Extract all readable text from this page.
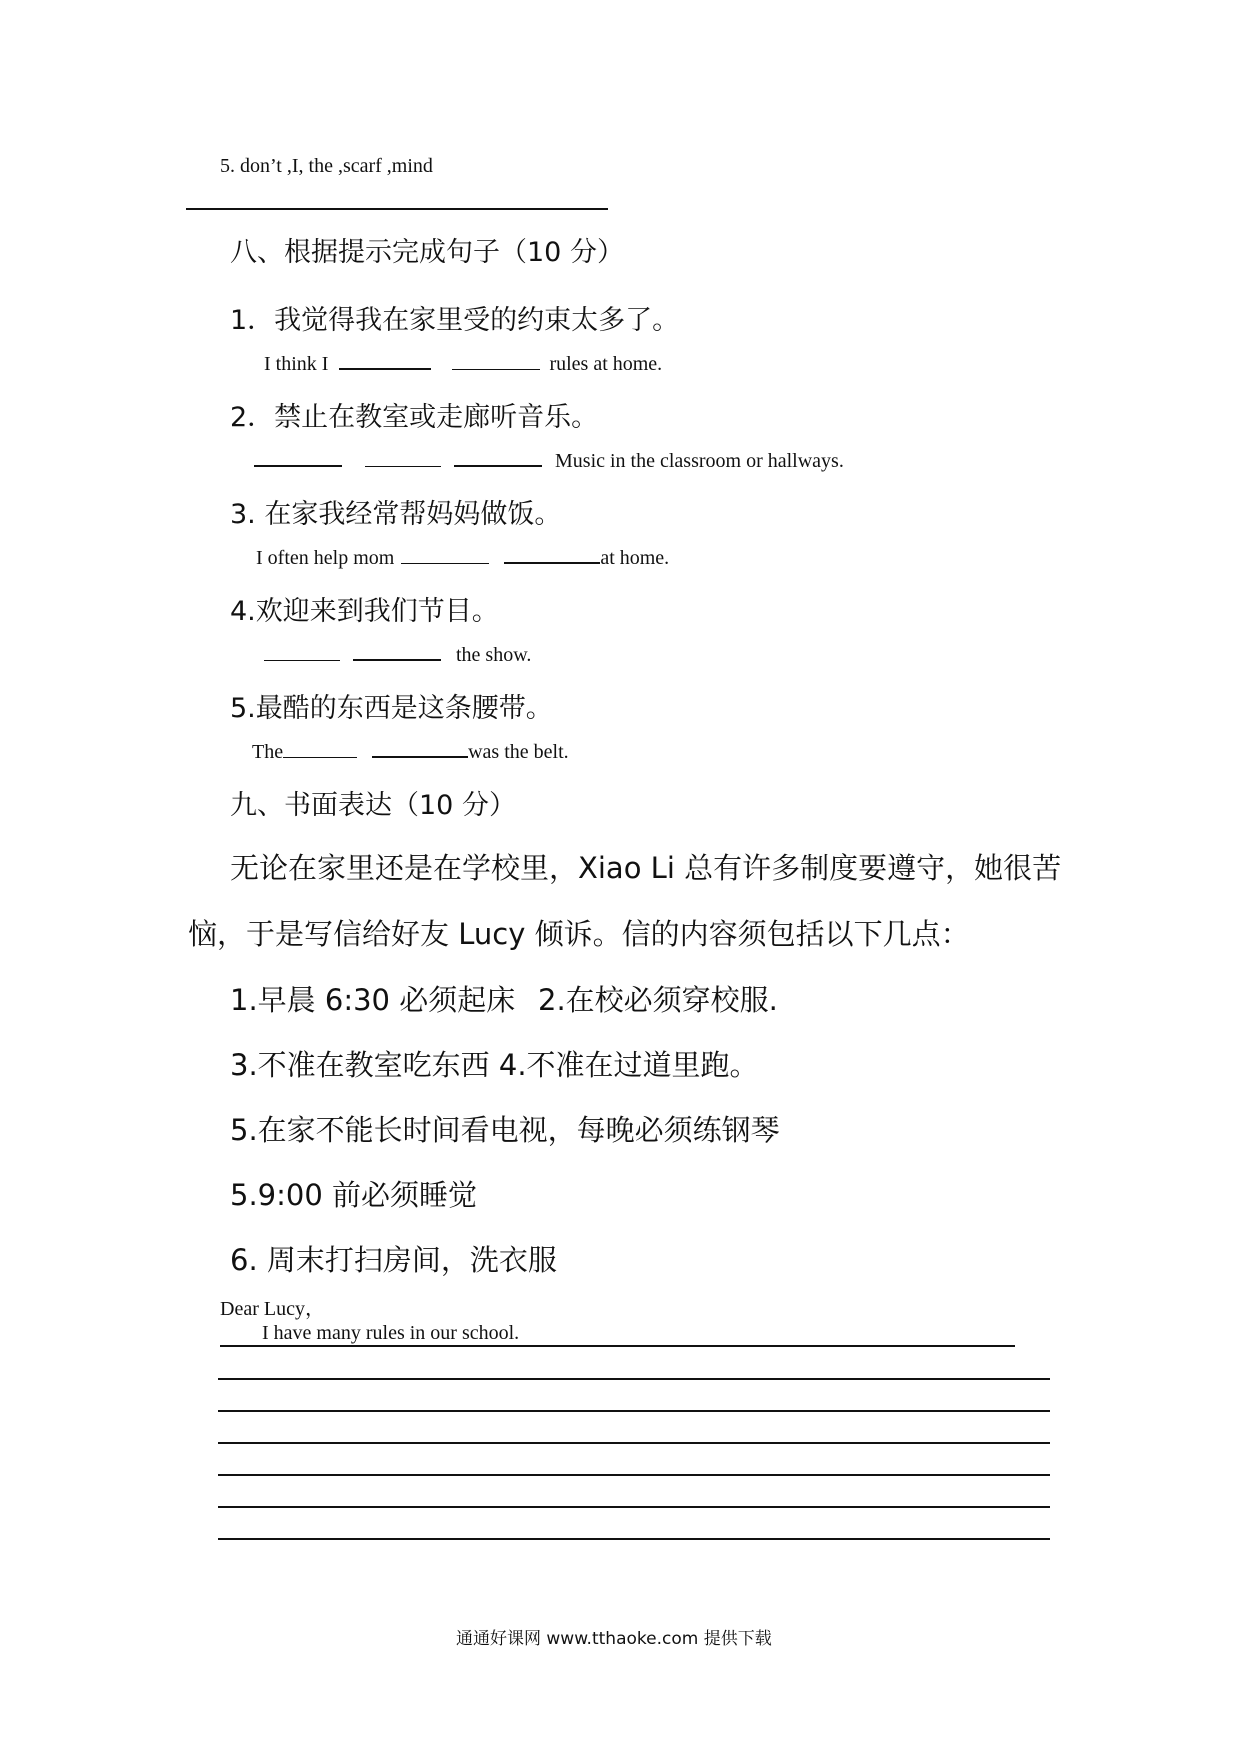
5. don’t ,I, the ,scarf ,mind
八、根据提示完成句子（10 分）
1．我觉得我在家里受的约束太多了。
I think I	rules at home.
2．禁止在教室或走廊听音乐。
Music in the classroom or hallways.
3. 在家我经常帮妈妈做饭。
I often help mom	at home.
4.欢迎来到我们节目。
the show.
5.最酷的东西是这条腰带。
The	was the belt.
九、书面表达（10 分）
无论在家里还是在学校里，Xiao Li 总有许多制度要遵守，她很苦
恼，于是写信给好友 Lucy 倾诉。信的内容须包括以下几点：
1.早晨 6:30 必须起床 2.在校必须穿校服.
3.不准在教室吃东西 4.不准在过道里跑。
5.在家不能长时间看电视，每晚必须练钢琴
5.9:00 前必须睡觉
6. 周末打扫房间，洗衣服
Dear Lucy，
I have many rules in our school.
通通好课网 www.tthaoke.com 提供下载
